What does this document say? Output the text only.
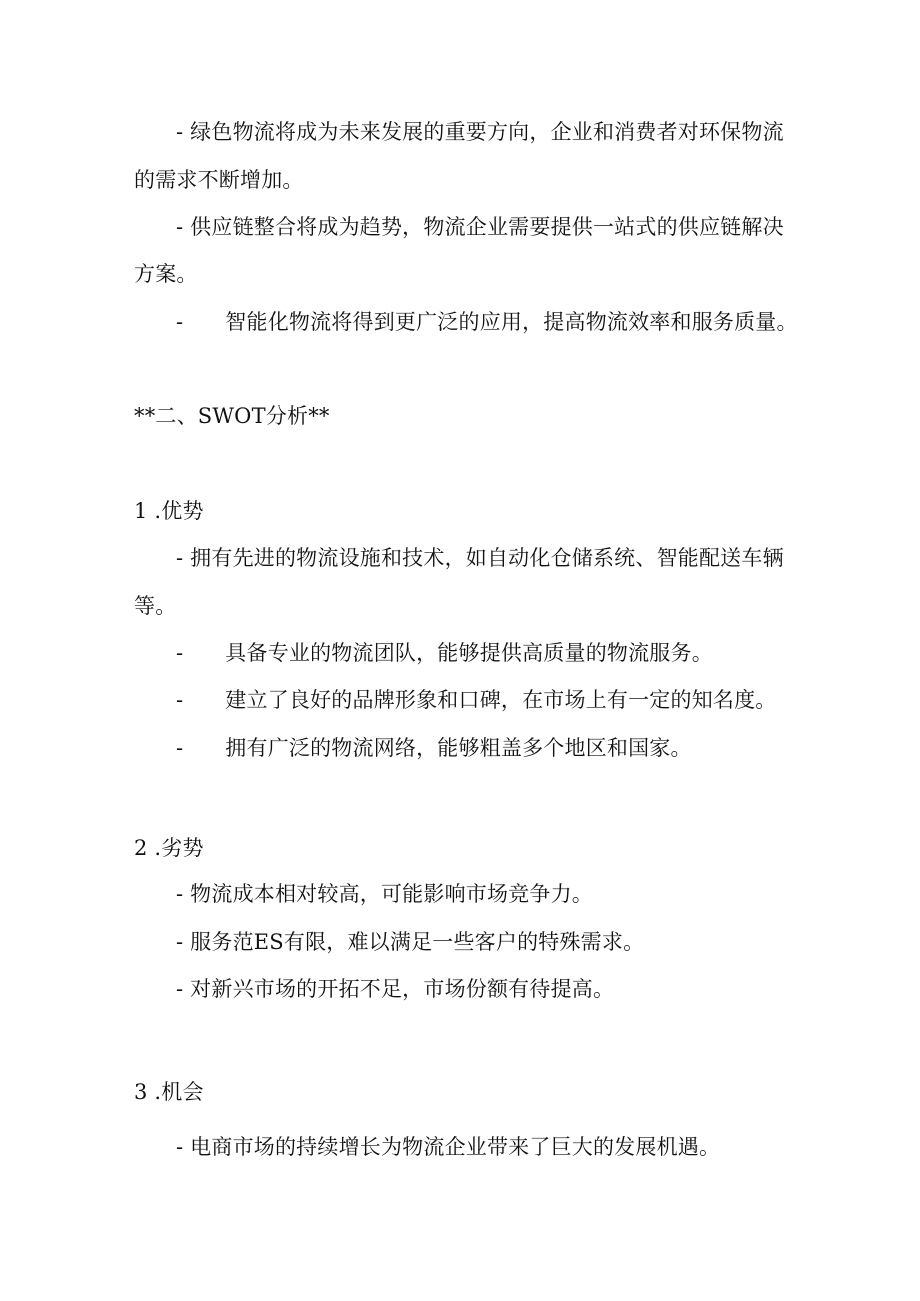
- 绿色物流将成为未来发展的重要方向，企业和消费者对环保物流
的需求不断增加。
- 供应链整合将成为趋势，物流企业需要提供一站式的供应链解决
方案。
- 智能化物流将得到更广泛的应用，提高物流效率和服务质量。
**二、SWOT分析**
1 .优势
- 拥有先进的物流设施和技术，如自动化仓储系统、智能配送车辆
等。
- 具备专业的物流团队，能够提供高质量的物流服务。
- 建立了良好的品牌形象和口碑，在市场上有一定的知名度。
- 拥有广泛的物流网络，能够粗盖多个地区和国家。
2 .劣势
- 物流成本相对较高，可能影响市场竞争力。
- 服务范ES有限，难以满足一些客户的特殊需求。
- 对新兴市场的开拓不足，市场份额有待提高。
3 .机会
- 电商市场的持续增长为物流企业带来了巨大的发展机遇。
